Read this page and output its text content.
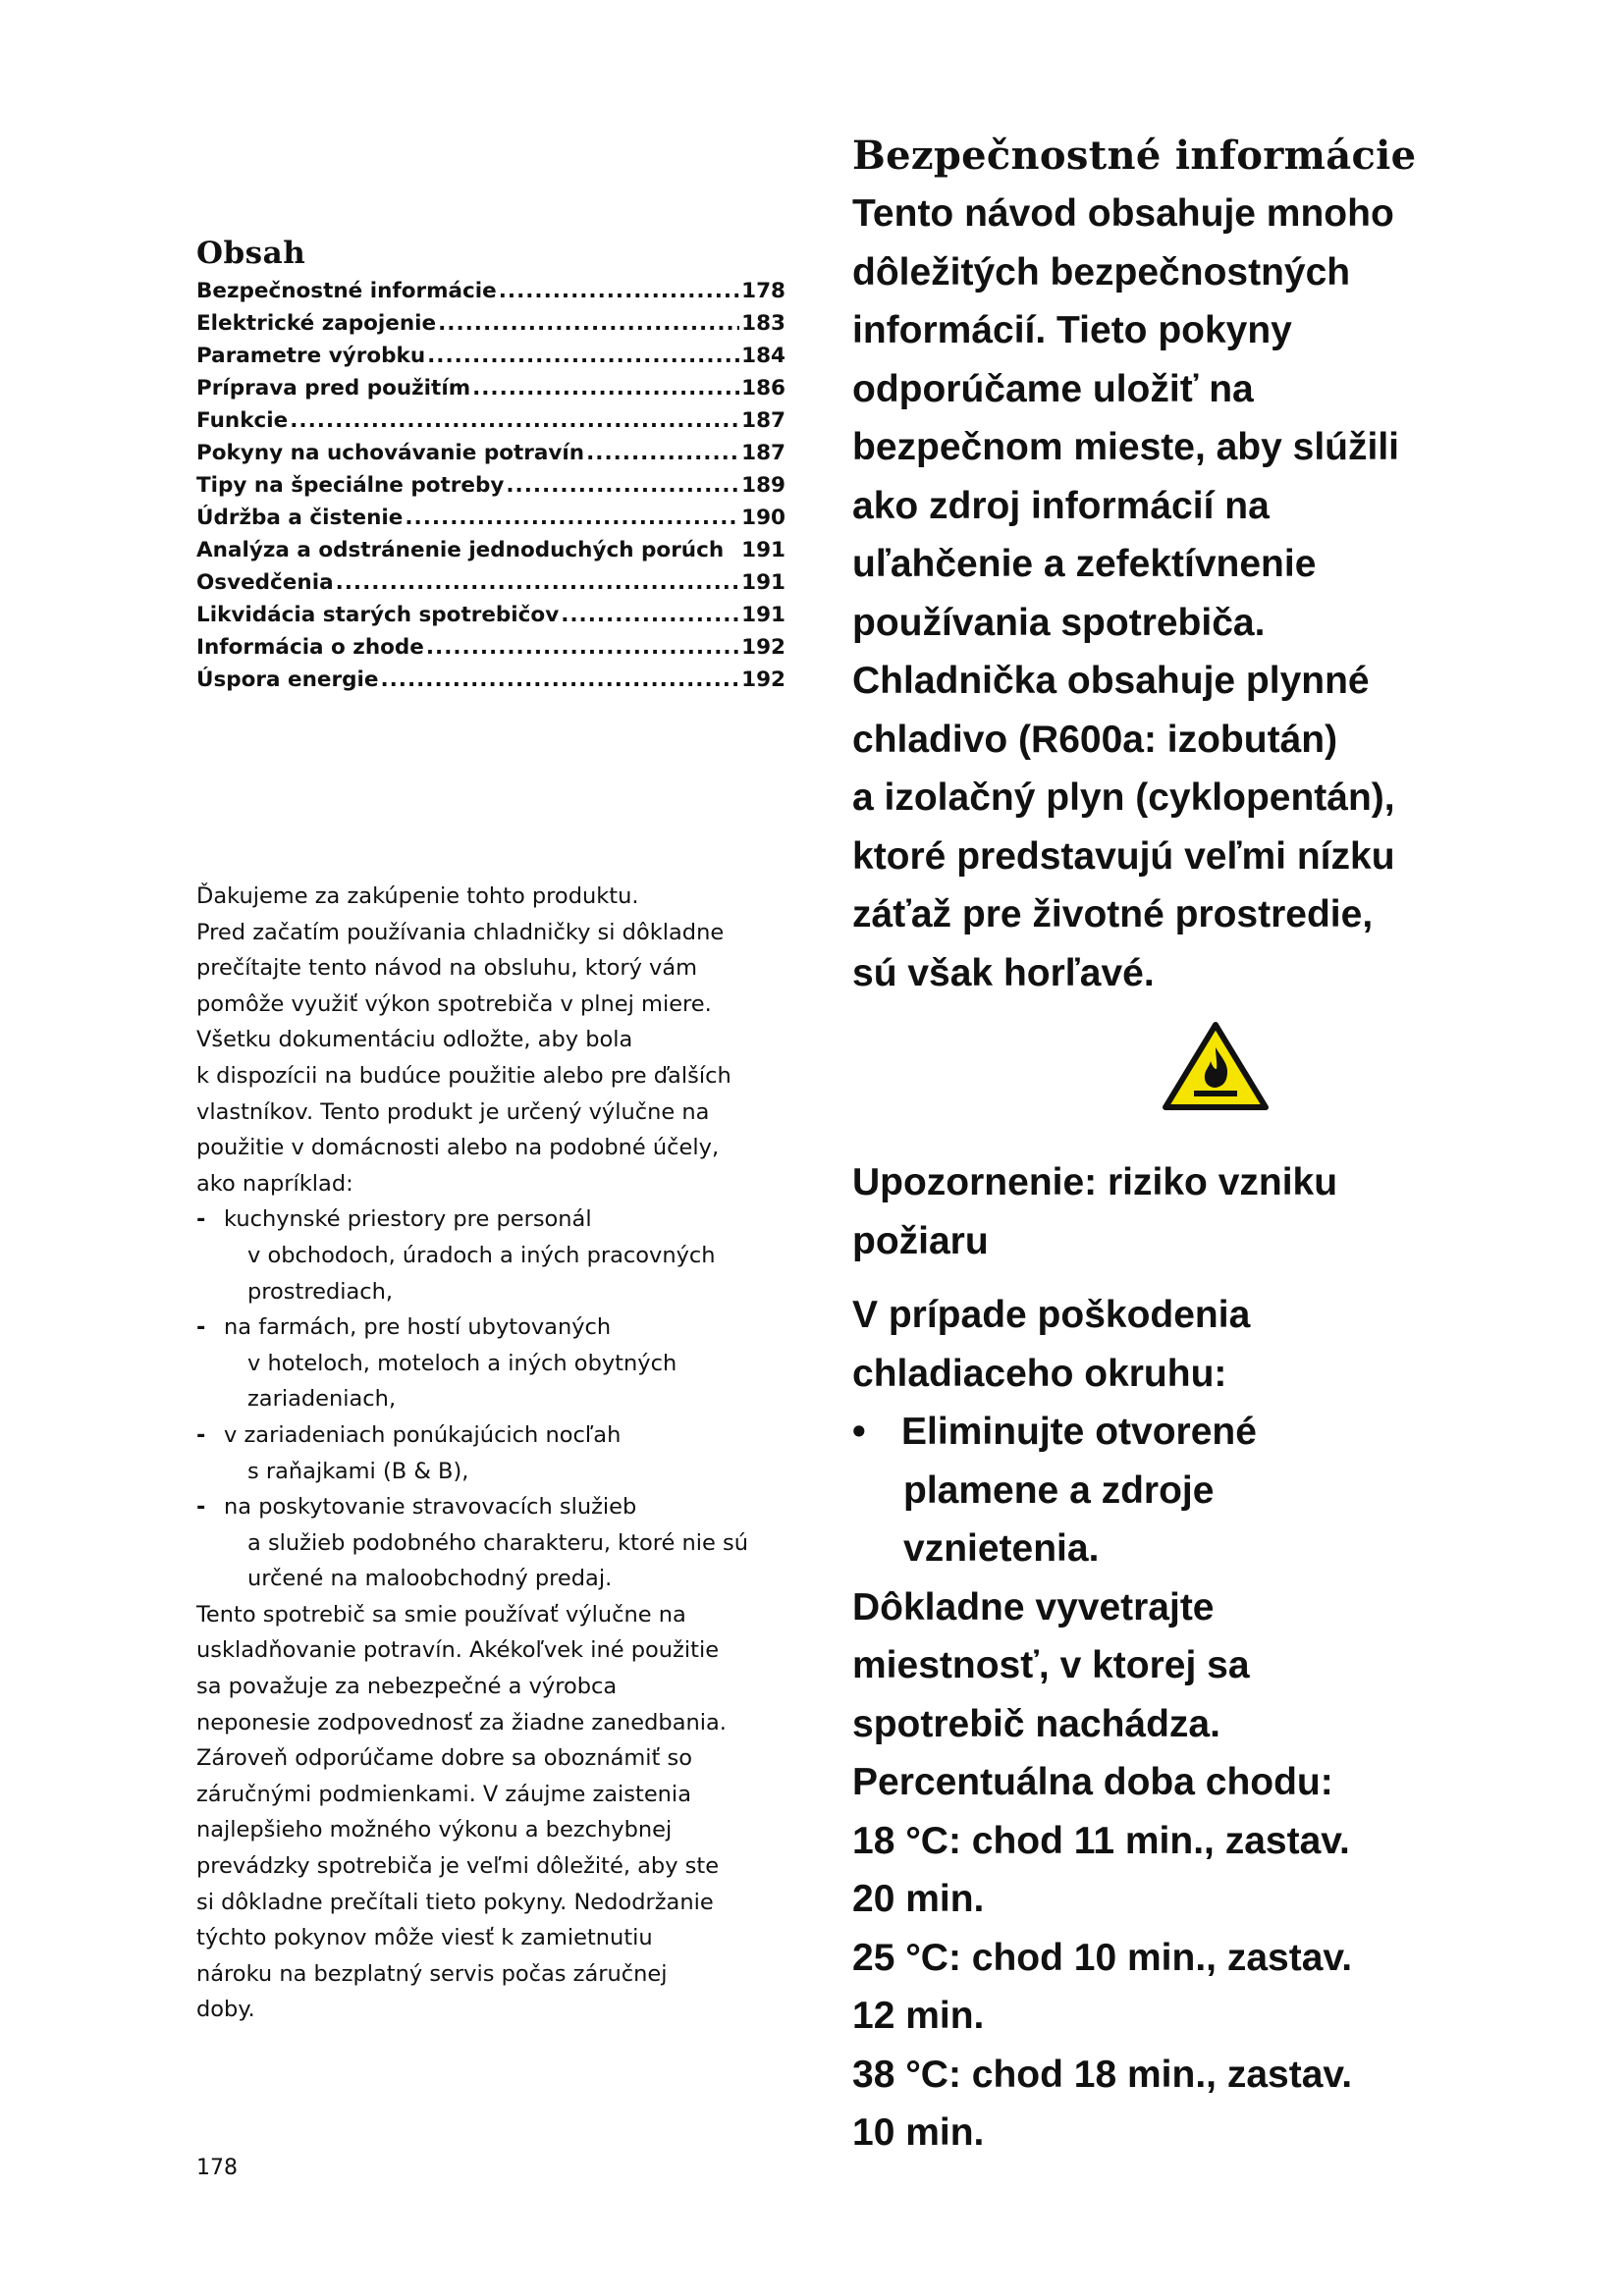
Obsah
Bezpečnostné informácie .....	178
Elektrické zapojenie .....	183
Parametre výrobku .....	184
Príprava pred použitím .....	186
Funkcie .....	187
Pokyny na uchovávanie potravín .....	187
Tipy na špeciálne potreby .....	189
Údržba a čistenie .....	190
Analýza a odstránenie jednoduchých porúch 191
Osvedčenia .....	191
Likvidácia starých spotrebičov .....	191
Informácia o zhode .....	192
Úspora energie .....	192

Ďakujeme za zakúpenie tohto produktu.

Pred začatím používania chladničky si dôkladne

prečítajte tento návod na obsluhu, ktorý vám

pomôže využiť výkon spotrebiča v plnej miere.

Všetku dokumentáciu odložte, aby bola

k dispozícii na budúce použitie alebo pre ďalších

vlastníkov. Tento produkt je určený výlučne na

použitie v domácnosti alebo na podobné účely,

ako napríklad:

- kuchynské priestory pre personál

v obchodoch, úradoch a iných pracovných

prostrediach,

- na farmách, pre hostí ubytovaných

v hoteloch, moteloch a iných obytných

zariadeniach,

- v zariadeniach ponúkajúcich nocľah

s raňajkami (B & B),

- na poskytovanie stravovacích služieb

a služieb podobného charakteru, ktoré nie sú

určené na maloobchodný predaj.

Tento spotrebič sa smie používať výlučne na

uskladňovanie potravín. Akékoľvek iné použitie

sa považuje za nebezpečné a výrobca

neponesie zodpovednosť za žiadne zanedbania.

Zároveň odporúčame dobre sa oboznámiť so

záručnými podmienkami. V záujme zaistenia

najlepšieho možného výkonu a bezchybnej

prevádzky spotrebiča je veľmi dôležité, aby ste

si dôkladne prečítali tieto pokyny. Nedodržanie

týchto pokynov môže viesť k zamietnutiu

nároku na bezplatný servis počas záručnej

doby.

178
Bezpečnostné informácie

Tento návod obsahuje mnoho

dôležitých bezpečnostných

informácií. Tieto pokyny

odporúčame uložiť na

bezpečnom mieste, aby slúžili

ako zdroj informácií na

uľahčenie a zefektívnenie

používania spotrebiča.

Chladnička obsahuje plynné

chladivo (R600a: izobután)

a izolačný plyn (cyklopentán),

ktoré predstavujú veľmi nízku

záťaž pre životné prostredie,

sú však horľavé.

Upozornenie: riziko vzniku

požiaru

V prípade poškodenia

chladiaceho okruhu:

• Eliminujte otvorené

plamene a zdroje

vznietenia.

Dôkladne vyvetrajte

miestnosť, v ktorej sa

spotrebič nachádza.

Percentuálna doba chodu:

18 °C: chod 11 min., zastav.

20 min.

25 °C: chod 10 min., zastav.

12 min.

38 °C: chod 18 min., zastav.

10 min.
